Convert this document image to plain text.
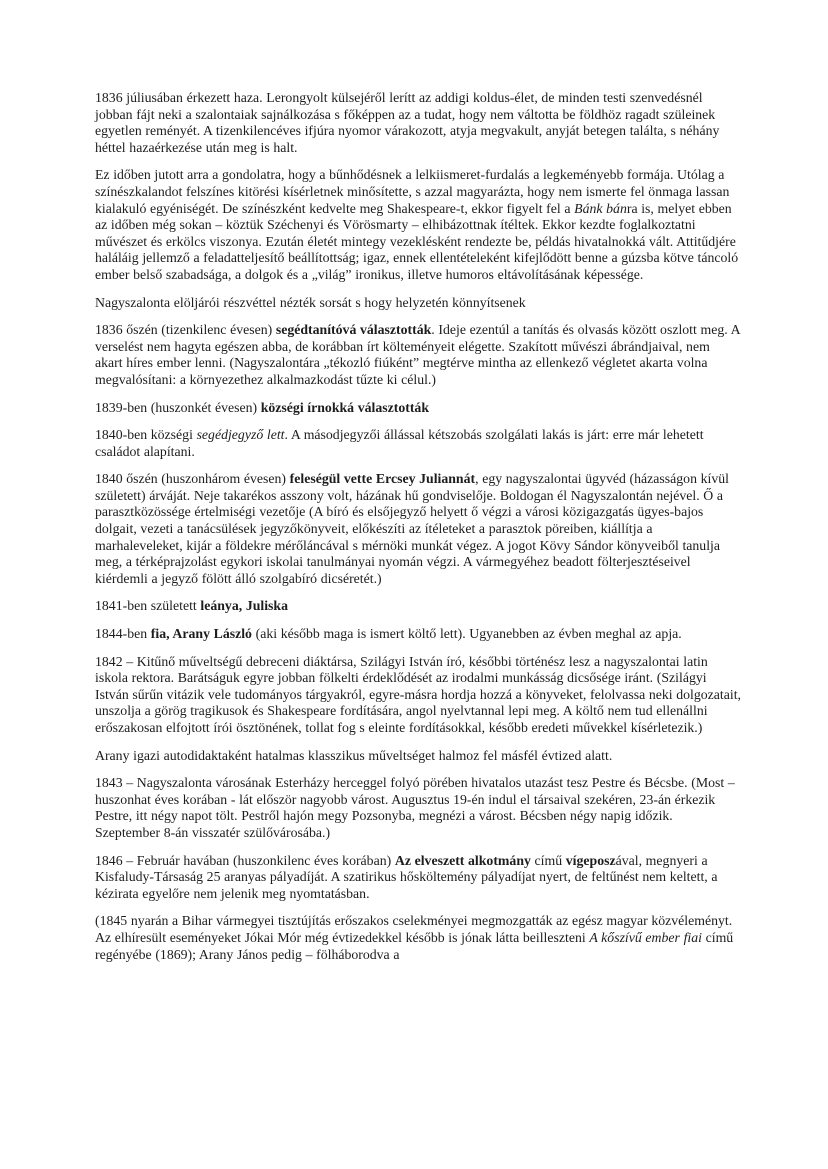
1836 júliusában érkezett haza. Lerongyolt külsejéről lerítt az addigi koldus-élet, de minden testi szenvedésnél jobban fájt neki a szalontaiak sajnálkozása s főképpen az a tudat, hogy nem váltotta be földhöz ragadt szüleinek egyetlen reményét. A tizenkilencéves ifjúra nyomor várakozott, atyja megvakult, anyját betegen találta, s néhány héttel hazaérkezése után meg is halt.

Ez időben jutott arra a gondolatra, hogy a bűnhődésnek a lelkiismeret-furdalás a legkeményebb formája. Utólag a színészkalandot felszínes kitörési kísérletnek minősítette, s azzal magyarázta, hogy nem ismerte fel önmaga lassan kialakuló egyéniségét. De színészként kedvelte meg Shakespeare-t, ekkor figyelt fel a Bánk bánra is, melyet ebben az időben még sokan – köztük Széchenyi és Vörösmarty – elhibázottnak ítéltek. Ekkor kezdte foglalkoztatni művészet és erkölcs viszonya. Ezután életét mintegy vezeklésként rendezte be, példás hivatalnokká vált. Attitűdjére haláláig jellemző a feladatteljesítő beállítottság; igaz, ennek ellentételeként kifejlődött benne a gúzsba kötve táncoló ember belső szabadsága, a dolgok és a „világ” ironikus, illetve humoros eltávolításának képessége.

Nagyszalonta elöljárói részvéttel nézték sorsát s hogy helyzetén könnyítsenek

1836 őszén (tizenkilenc évesen) segédtanítóvá választották. Ideje ezentúl a tanítás és olvasás között oszlott meg. A verselést nem hagyta egészen abba, de korábban írt költeményeit elégette. Szakított művészi ábrándjaival, nem akart híres ember lenni. (Nagyszalontára „tékozló fiúként” megtérve mintha az ellenkező végletet akarta volna megvalósítani: a környezethez alkalmazkodást tűzte ki célul.)

1839-ben (huszonkét évesen) községi írnokká választották

1840-ben községi segédjegyző lett. A másodjegyzői állással kétszobás szolgálati lakás is járt: erre már lehetett családot alapítani.

1840 őszén (huszonhárom évesen) feleségül vette Ercsey Juliannát, egy nagyszalontai ügyvéd (házasságon kívül született) árváját. Neje takarékos asszony volt, házának hű gondviselője. Boldogan él Nagyszalontán nejével. Ő a parasztközössége értelmiségi vezetője (A bíró és elsőjegyző helyett ő végzi a városi közigazgatás ügyes-bajos dolgait, vezeti a tanácsülések jegyzőkönyveit, előkészíti az ítéleteket a parasztok pöreiben, kiállítja a marhaleveleket, kijár a földekre mérőláncával s mérnöki munkát végez. A jogot Kövy Sándor könyveiből tanulja meg, a térképrajzolást egykori iskolai tanulmányai nyomán végzi. A vármegyéhez beadott fölterjesztéseivel kiérdemli a jegyző fölött álló szolgabíró dicséretét.)

1841-ben született leánya, Juliska

1844-ben fia, Arany László (aki később maga is ismert költő lett). Ugyanebben az évben meghal az apja.

1842 – Kitűnő műveltségű debreceni diáktársa, Szilágyi István író, későbbi történész lesz a nagyszalontai latin iskola rektora. Barátságuk egyre jobban fölkelti érdeklődését az irodalmi munkásság dicsősége iránt. (Szilágyi István sűrűn vitázik vele tudományos tárgyakról, egyre-másra hordja hozzá a könyveket, felolvassa neki dolgozatait, unszolja a görög tragikusok és Shakespeare fordítására, angol nyelvtannal lepi meg. A költő nem tud ellenállni erőszakosan elfojtott írói ösztönének, tollat fog s eleinte fordításokkal, később eredeti művekkel kísérletezik.)

Arany igazi autodidaktaként hatalmas klasszikus műveltséget halmoz fel másfél évtized alatt.

1843 – Nagyszalonta városának Esterházy herceggel folyó pörében hivatalos utazást tesz Pestre és Bécsbe. (Most – huszonhat éves korában - lát először nagyobb várost. Augusztus 19-én indul el társaival szekéren, 23-án érkezik Pestre, itt négy napot tölt. Pestről hajón megy Pozsonyba, megnézi a várost. Bécsben négy napig időzik. Szeptember 8-án visszatér szülővárosába.)

1846 – Február havában (huszonkilenc éves korában) Az elveszett alkotmány című vígeposzával, megnyeri a Kisfaludy-Társaság 25 aranyas pályadíját. A szatirikus hősköltemény pályadíjat nyert, de feltűnést nem keltett, a kézirata egyelőre nem jelenik meg nyomtatásban.

(1845 nyarán a Bihar vármegyei tisztújítás erőszakos cselekményei megmozgatták az egész magyar közvéleményt. Az elhíresült eseményeket Jókai Mór még évtizedekkel később is jónak látta beilleszteni A kőszívű ember fiai című regényébe (1869); Arany János pedig – fölháborodva a
